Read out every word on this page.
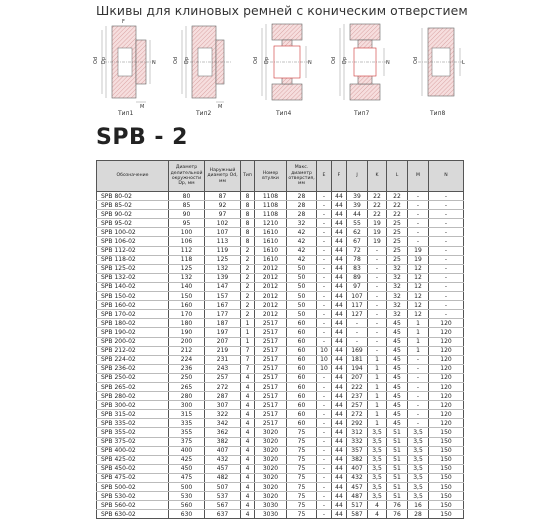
Шкивы для клиновых ремней с коническим отверстием
Od Dp	N
M
F
Od Dp
M
Od Dp	N	Od Dp	N	Od	L
Тип1	Тип2	Тип4	Тип7	Тип8
SPB - 2
Обозначение	Диаметр делительной окружности Dp, мм	Наружный диаметр Od, мм	Тип	Номер втулки	Макс. диаметр отверстия, мм	E	F	J	K	L	M	N
SPB 80-02	80	87	8	1108	28	-	44	39	22	22	-	-
SPB 85-02	85	92	8	1108	28	-	44	39	22	22	-	-
SPB 90-02	90	97	8	1108	28	-	44	44	22	22	-	-
SPB 95-02	95	102	8	1210	32	-	44	55	19	25	-	-
SPB 100-02	100	107	8	1610	42	-	44	62	19	25	-	-
SPB 106-02	106	113	8	1610	42	-	44	67	19	25	-	-
SPB 112-02	112	119	2	1610	42	-	44	72	-	25	19	-
SPB 118-02	118	125	2	1610	42	-	44	78	-	25	19	-
SPB 125-02	125	132	2	2012	50	-	44	83	-	32	12	-
SPB 132-02	132	139	2	2012	50	-	44	89	-	32	12	-
SPB 140-02	140	147	2	2012	50	-	44	97	-	32	12	-
SPB 150-02	150	157	2	2012	50	-	44	107	-	32	12	-
SPB 160-02	160	167	2	2012	50	-	44	117	-	32	12	-
SPB 170-02	170	177	2	2012	50	-	44	127	-	32	12	-
SPB 180-02	180	187	1	2517	60	-	44	-	-	45	1	120
SPB 190-02	190	197	1	2517	60	-	44	-	-	45	1	120
SPB 200-02	200	207	1	2517	60	-	44	-	-	45	1	120
SPB 212-02	212	219	7	2517	60	10	44	169	-	45	1	120
SPB 224-02	224	231	7	2517	60	10	44	181	1	45	-	120
SPB 236-02	236	243	7	2517	60	10	44	194	1	45	-	120
SPB 250-02	250	257	4	2517	60	-	44	207	1	45	-	120
SPB 265-02	265	272	4	2517	60	-	44	222	1	45	-	120
SPB 280-02	280	287	4	2517	60	-	44	237	1	45	-	120
SPB 300-02	300	307	4	2517	60	-	44	257	1	45	-	120
SPB 315-02	315	322	4	2517	60	-	44	272	1	45	-	120
SPB 335-02	335	342	4	2517	60	-	44	292	1	45	-	120
SPB 355-02	355	362	4	3020	75	-	44	312	3,5	51	3,5	150
SPB 375-02	375	382	4	3020	75	-	44	332	3,5	51	3,5	150
SPB 400-02	400	407	4	3020	75	-	44	357	3,5	51	3,5	150
SPB 425-02	425	432	4	3020	75	-	44	382	3,5	51	3,5	150
SPB 450-02	450	457	4	3020	75	-	44	407	3,5	51	3,5	150
SPB 475-02	475	482	4	3020	75	-	44	432	3,5	51	3,5	150
SPB 500-02	500	507	4	3020	75	-	44	457	3,5	51	3,5	150
SPB 530-02	530	537	4	3020	75	-	44	487	3,5	51	3,5	150
SPB 560-02	560	567	4	3030	75	-	44	517	4	76	16	150
SPB 630-02	630	637	4	3030	75	-	44	587	4	76	28	150
